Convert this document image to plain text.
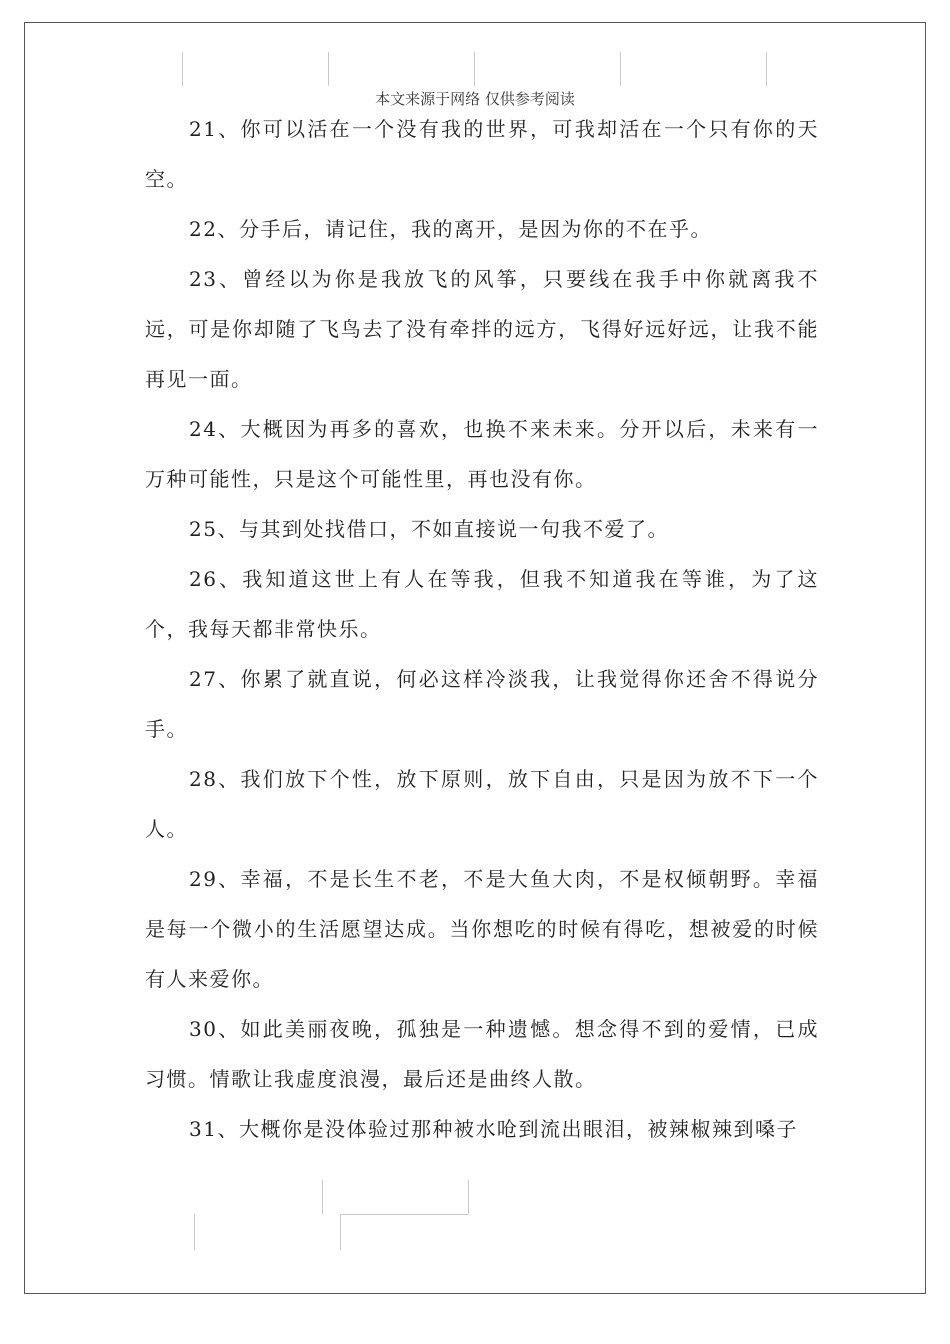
本文来源于网络 仅供参考阅读

21、你可以活在一个没有我的世界，可我却活在一个只有你的天空。

22、分手后，请记住，我的离开，是因为你的不在乎。

23、曾经以为你是我放飞的风筝，只要线在我手中你就离我不远，可是你却随了飞鸟去了没有牵拌的远方，飞得好远好远，让我不能再见一面。

24、大概因为再多的喜欢，也换不来未来。分开以后，未来有一万种可能性，只是这个可能性里，再也没有你。

25、与其到处找借口，不如直接说一句我不爱了。

26、我知道这世上有人在等我，但我不知道我在等谁，为了这个，我每天都非常快乐。

27、你累了就直说，何必这样冷淡我，让我觉得你还舍不得说分手。

28、我们放下个性，放下原则，放下自由，只是因为放不下一个人。

29、幸福，不是长生不老，不是大鱼大肉，不是权倾朝野。幸福是每一个微小的生活愿望达成。当你想吃的时候有得吃，想被爱的时候有人来爱你。

30、如此美丽夜晚，孤独是一种遗憾。想念得不到的爱情，已成习惯。情歌让我虚度浪漫，最后还是曲终人散。

31、大概你是没体验过那种被水呛到流出眼泪，被辣椒辣到嗓子
